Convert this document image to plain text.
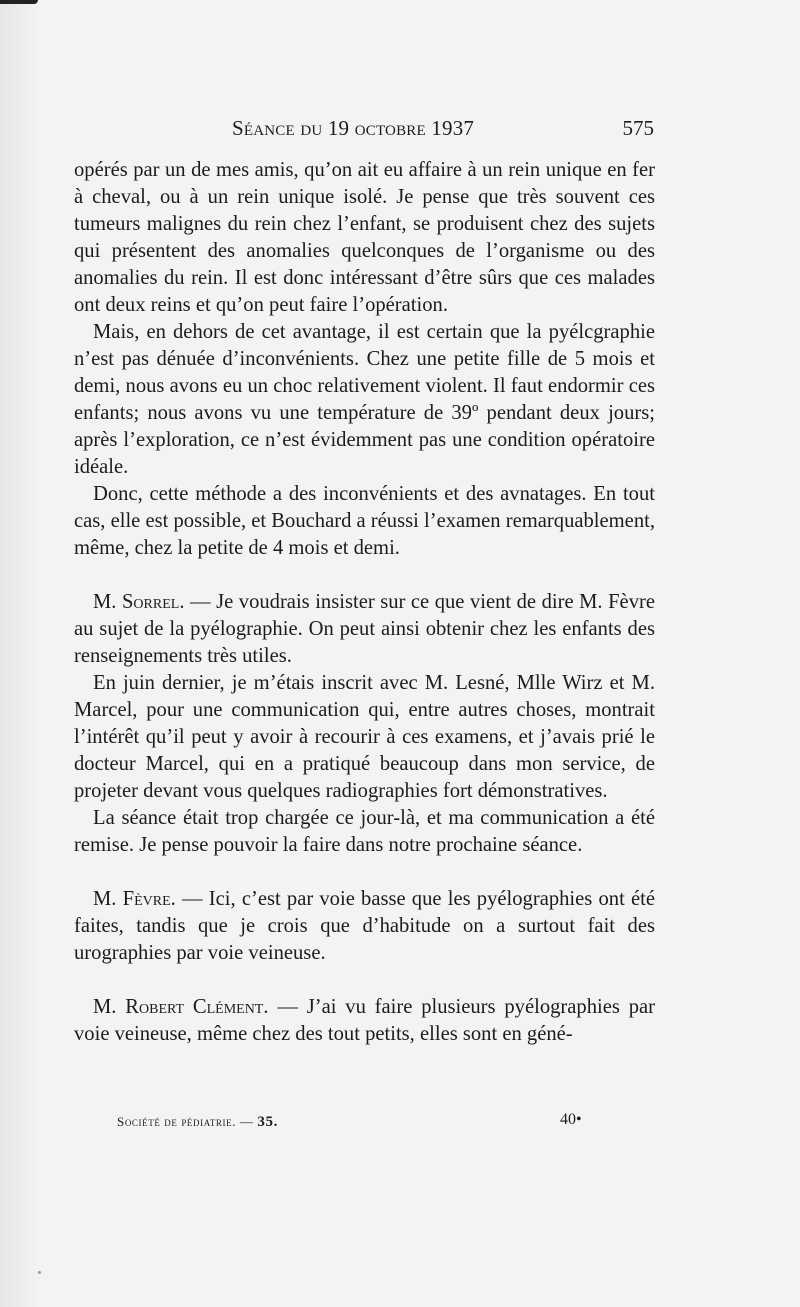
Séance du 19 octobre 1937	575

opérés par un de mes amis, qu’on ait eu affaire à un rein unique en fer à cheval, ou à un rein unique isolé. Je pense que très souvent ces tumeurs malignes du rein chez l’enfant, se produisent chez des sujets qui présentent des anomalies quelconques de l’organisme ou des anomalies du rein. Il est donc intéressant d’être sûrs que ces malades ont deux reins et qu’on peut faire l’opération.

Mais, en dehors de cet avantage, il est certain que la pyélcgraphie n’est pas dénuée d’inconvénients. Chez une petite fille de 5 mois et demi, nous avons eu un choc relativement violent. Il faut endormir ces enfants; nous avons vu une température de 39º pendant deux jours; après l’exploration, ce n’est évidemment pas une condition opératoire idéale.

Donc, cette méthode a des inconvénients et des avnatages. En tout cas, elle est possible, et Bouchard a réussi l’examen remarquablement, même, chez la petite de 4 mois et demi.

M. Sorrel. — Je voudrais insister sur ce que vient de dire M. Fèvre au sujet de la pyélographie. On peut ainsi obtenir chez les enfants des renseignements très utiles.

En juin dernier, je m’étais inscrit avec M. Lesné, Mlle Wirz et M. Marcel, pour une communication qui, entre autres choses, montrait l’intérêt qu’il peut y avoir à recourir à ces examens, et j’avais prié le docteur Marcel, qui en a pratiqué beaucoup dans mon service, de projeter devant vous quelques radiographies fort démonstratives.

La séance était trop chargée ce jour-là, et ma communication a été remise. Je pense pouvoir la faire dans notre prochaine séance.

M. Fèvre. — Ici, c’est par voie basse que les pyélographies ont été faites, tandis que je crois que d’habitude on a surtout fait des urographies par voie veineuse.

M. Robert Clément. — J’ai vu faire plusieurs pyélographies par voie veineuse, même chez des tout petits, elles sont en géné-

Société de pédiatrie. — 35.	40•
